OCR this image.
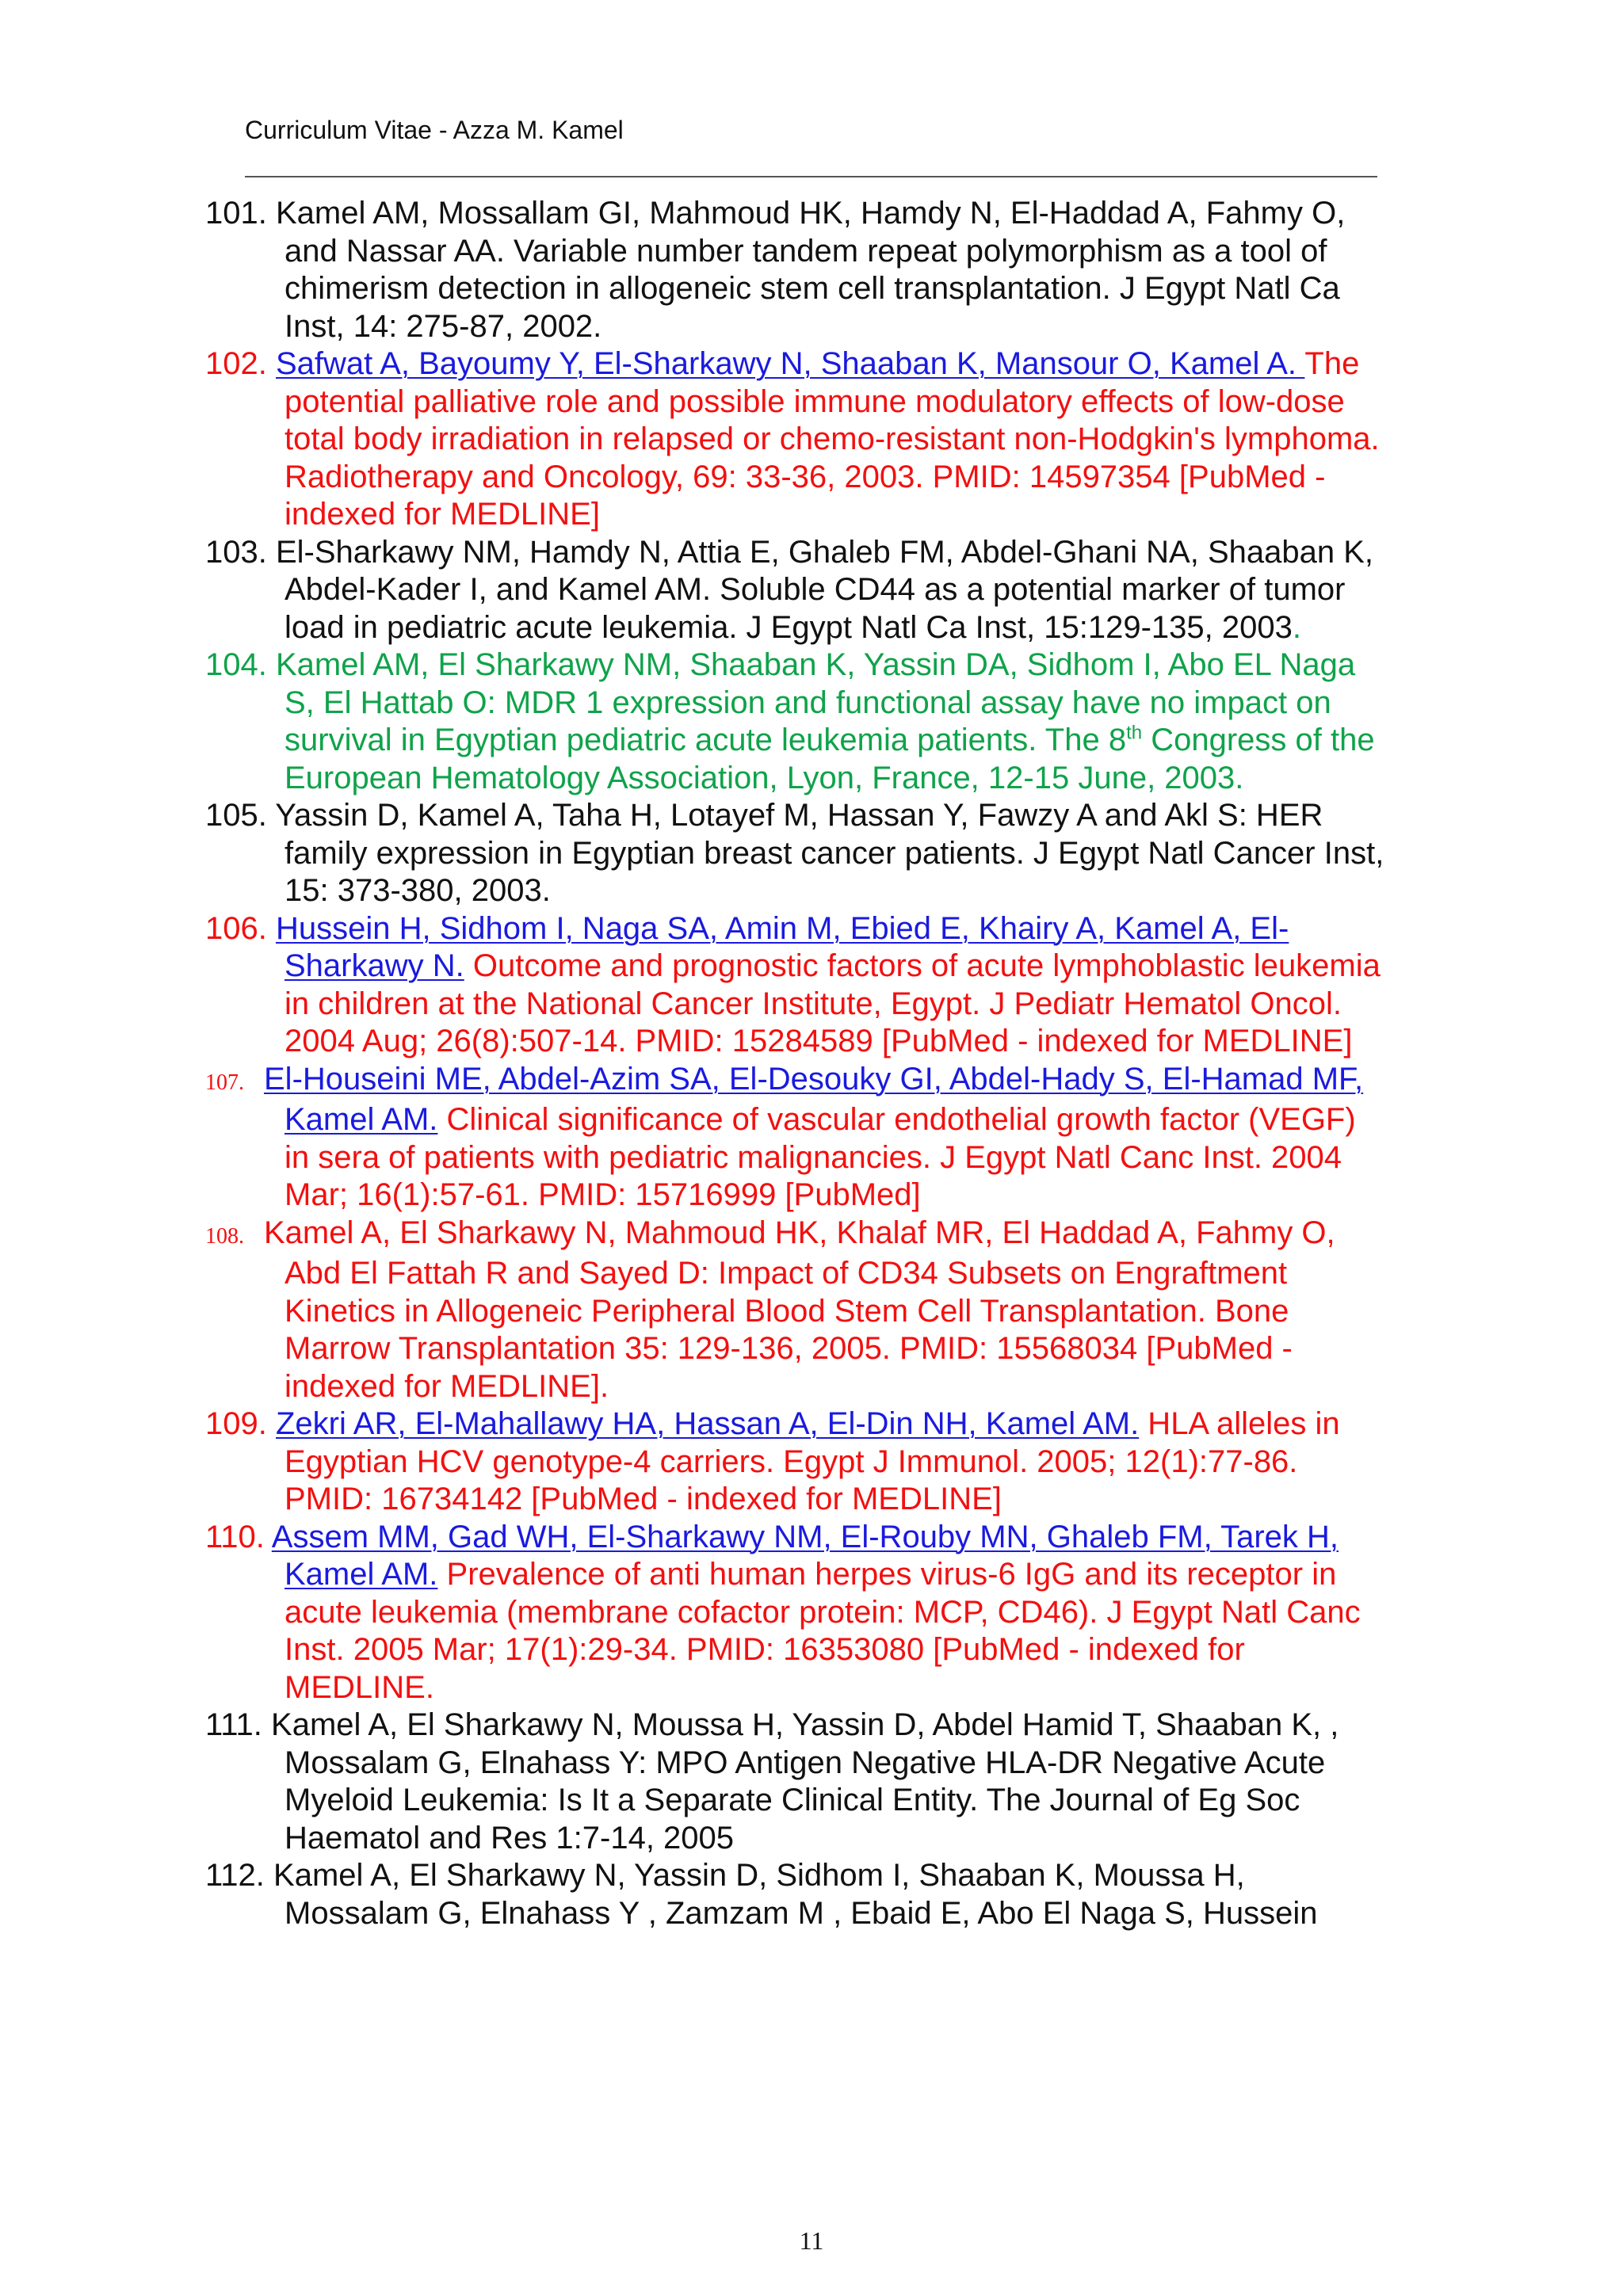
Curriculum Vitae - Azza M. Kamel
101. Kamel AM, Mossallam GI, Mahmoud HK, Hamdy N, El-Haddad A, Fahmy O, and Nassar AA. Variable number tandem repeat polymorphism as a tool of chimerism detection in allogeneic stem cell transplantation. J Egypt Natl Ca Inst, 14: 275-87, 2002.
102. Safwat A, Bayoumy Y, El-Sharkawy N, Shaaban K, Mansour O, Kamel A. The potential palliative role and possible immune modulatory effects of low-dose total body irradiation in relapsed or chemo-resistant non-Hodgkin's lymphoma. Radiotherapy and Oncology, 69: 33-36, 2003. PMID: 14597354 [PubMed - indexed for MEDLINE]
103. El-Sharkawy NM, Hamdy N, Attia E, Ghaleb FM, Abdel-Ghani NA, Shaaban K, Abdel-Kader I, and Kamel AM. Soluble CD44 as a potential marker of tumor load in pediatric acute leukemia. J Egypt Natl Ca Inst, 15:129-135, 2003.
104. Kamel AM, El Sharkawy NM, Shaaban K, Yassin DA, Sidhom I, Abo EL Naga S, El Hattab O: MDR 1 expression and functional assay have no impact on survival in Egyptian pediatric acute leukemia patients. The 8th Congress of the European Hematology Association, Lyon, France, 12-15 June, 2003.
105. Yassin D, Kamel A, Taha H, Lotayef M, Hassan Y, Fawzy A and Akl S: HER family expression in Egyptian breast cancer patients. J Egypt Natl Cancer Inst, 15: 373-380, 2003.
106. Hussein H, Sidhom I, Naga SA, Amin M, Ebied E, Khairy A, Kamel A, El-Sharkawy N. Outcome and prognostic factors of acute lymphoblastic leukemia in children at the National Cancer Institute, Egypt. J Pediatr Hematol Oncol. 2004 Aug; 26(8):507-14. PMID: 15284589 [PubMed - indexed for MEDLINE]
107. El-Houseini ME, Abdel-Azim SA, El-Desouky GI, Abdel-Hady S, El-Hamad MF, Kamel AM. Clinical significance of vascular endothelial growth factor (VEGF) in sera of patients with pediatric malignancies. J Egypt Natl Canc Inst. 2004 Mar; 16(1):57-61. PMID: 15716999 [PubMed]
108. Kamel A, El Sharkawy N, Mahmoud HK, Khalaf MR, El Haddad A, Fahmy O, Abd El Fattah R and Sayed D: Impact of CD34 Subsets on Engraftment Kinetics in Allogeneic Peripheral Blood Stem Cell Transplantation. Bone Marrow Transplantation 35: 129-136, 2005. PMID: 15568034 [PubMed - indexed for MEDLINE].
109. Zekri AR, El-Mahallawy HA, Hassan A, El-Din NH, Kamel AM. HLA alleles in Egyptian HCV genotype-4 carriers. Egypt J Immunol. 2005; 12(1):77-86. PMID: 16734142 [PubMed - indexed for MEDLINE]
110. Assem MM, Gad WH, El-Sharkawy NM, El-Rouby MN, Ghaleb FM, Tarek H, Kamel AM. Prevalence of anti human herpes virus-6 IgG and its receptor in acute leukemia (membrane cofactor protein: MCP, CD46). J Egypt Natl Canc Inst. 2005 Mar; 17(1):29-34. PMID: 16353080 [PubMed - indexed for MEDLINE.
111. Kamel A, El Sharkawy N, Moussa H, Yassin D, Abdel Hamid T, Shaaban K, , Mossalam G, Elnahass Y: MPO Antigen Negative HLA-DR Negative Acute Myeloid Leukemia: Is It a Separate Clinical Entity. The Journal of Eg Soc Haematol and Res 1:7-14, 2005
112. Kamel A, El Sharkawy N, Yassin D, Sidhom I, Shaaban K, Moussa H, Mossalam G, Elnahass Y , Zamzam M , Ebaid E, Abo El Naga S, Hussein
11
